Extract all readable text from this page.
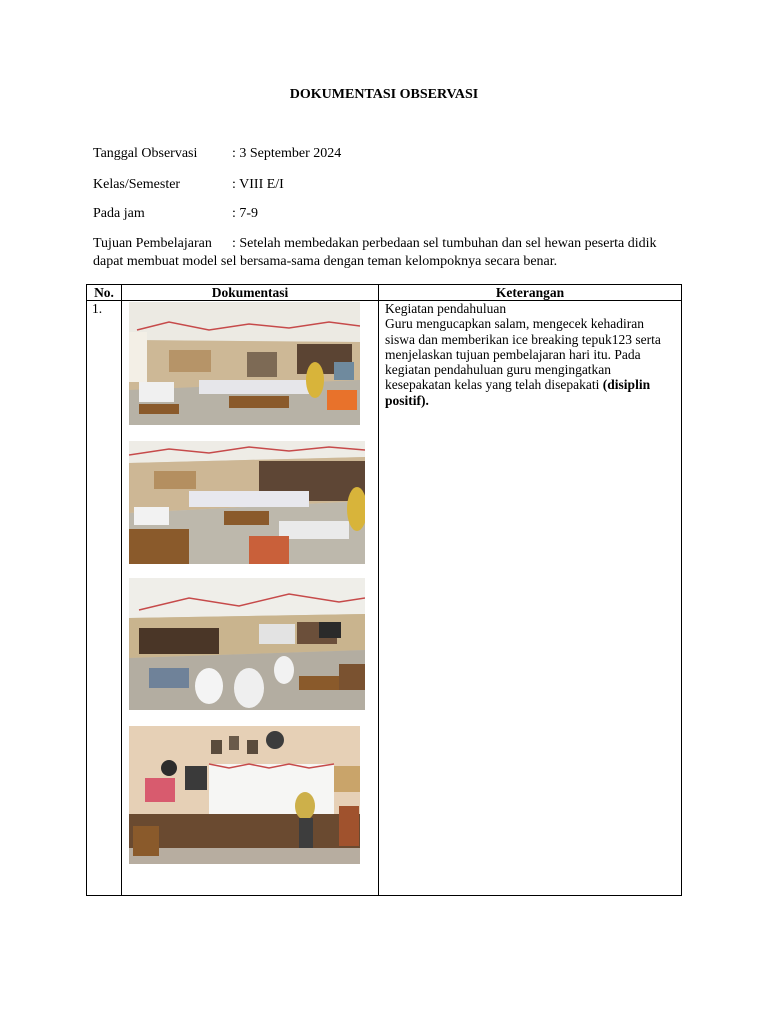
DOKUMENTASI OBSERVASI
Tanggal Observasi : 3 September 2024
Kelas/Semester	: VIII E/I
Pada jam	: 7-9
Tujuan Pembelajaran : Setelah membedakan perbedaan sel tumbuhan dan sel hewan peserta didik dapat membuat model sel bersama-sama dengan teman kelompoknya secara benar.
No.	Dokumentasi	Keterangan
1.		Kegiatan pendahuluan
Guru mengucapkan salam, mengecek kehadiran siswa dan memberikan ice breaking tepuk123 serta menjelaskan tujuan pembelajaran hari itu. Pada kegiatan pendahuluan guru mengingatkan kesepakatan kelas yang telah disepakati (disiplin positif).
